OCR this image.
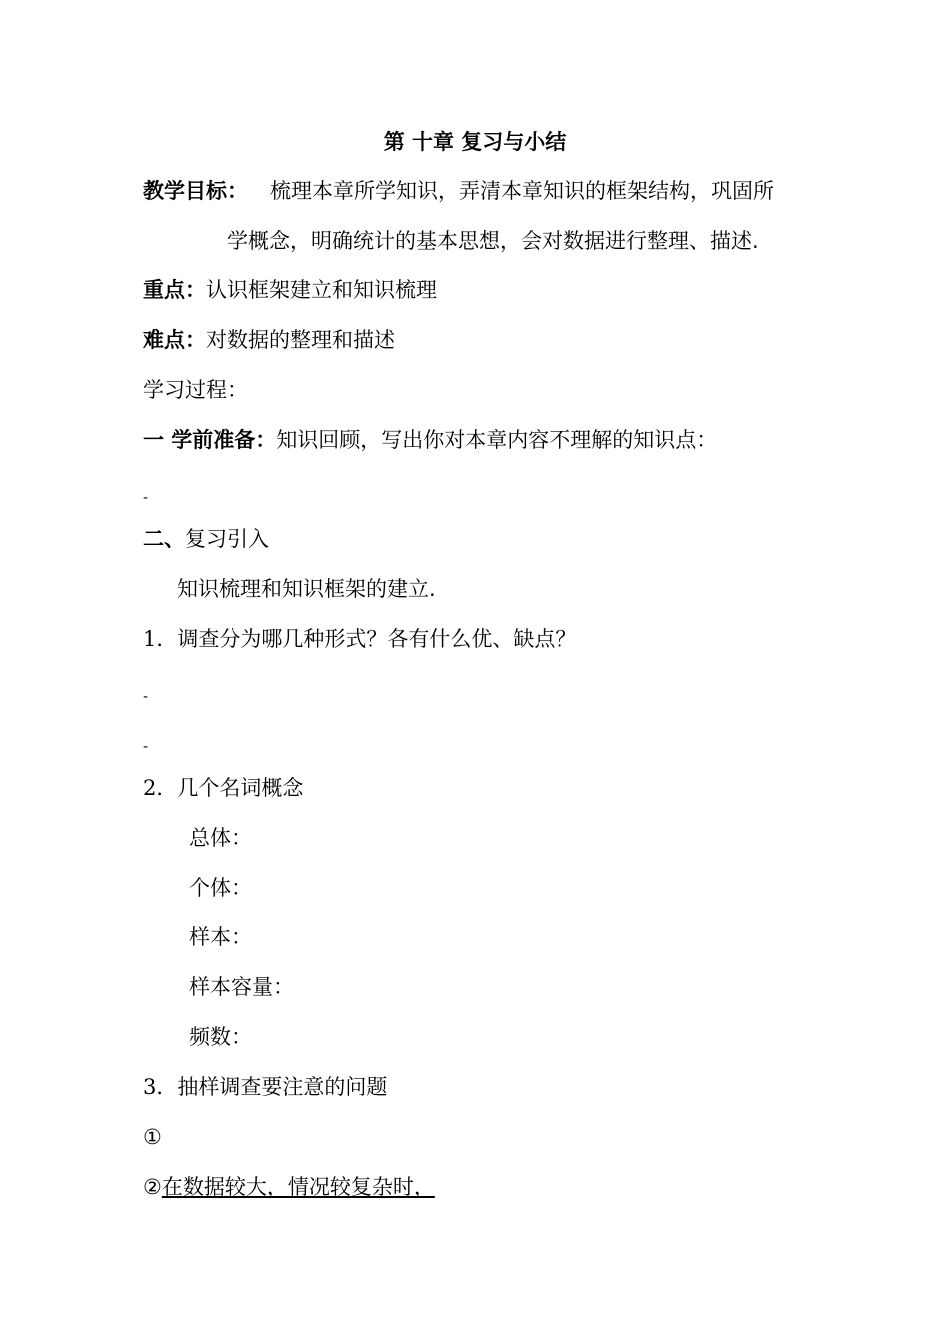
第 十章 复习与小结
教学目标： 梳理本章所学知识，弄清本章知识的框架结构，巩固所
学概念，明确统计的基本思想，会对数据进行整理、描述.
重点：认识框架建立和知识梳理
难点：对数据的整理和描述
学习过程：
一 学前准备：知识回顾，写出你对本章内容不理解的知识点：
-
二、复习引入
知识梳理和知识框架的建立.
1．调查分为哪几种形式？各有什么优、缺点？
-
-
2．几个名词概念
总体：
个体：
样本：
样本容量：
频数：
3．抽样调查要注意的问题
①
②在数据较大，情况较复杂时，
